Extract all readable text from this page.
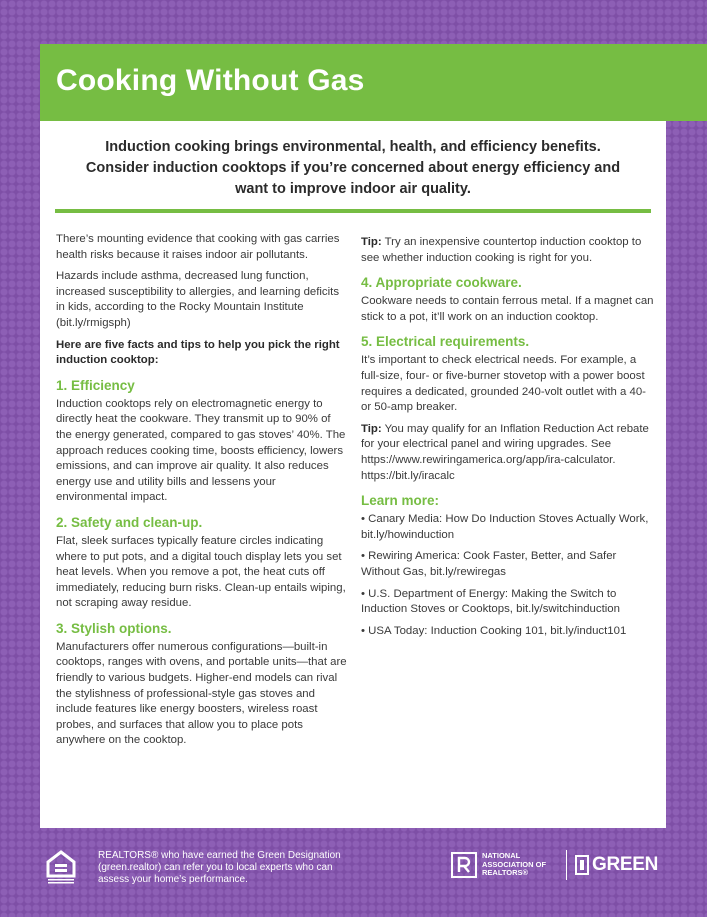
Cooking Without Gas

Induction cooking brings environmental, health, and efficiency benefits. Consider induction cooktops if you’re concerned about energy efficiency and want to improve indoor air quality.

There’s mounting evidence that cooking with gas carries health risks because it raises indoor air pollutants.

Hazards include asthma, decreased lung function, increased susceptibility to allergies, and learning deficits in kids, according to the Rocky Mountain Institute (bit.ly/rmigsph)

Here are five facts and tips to help you pick the right induction cooktop:

1. Efficiency

Induction cooktops rely on electromagnetic energy to directly heat the cookware. They transmit up to 90% of the energy generated, compared to gas stoves’ 40%. The approach reduces cooking time, boosts efficiency, lowers emissions, and can improve air quality. It also reduces energy use and utility bills and lessens your environmental impact.

2. Safety and clean-up.

Flat, sleek surfaces typically feature circles indicating where to put pots, and a digital touch display lets you set heat levels. When you remove a pot, the heat cuts off immediately, reducing burn risks. Clean-up entails wiping, not scraping away residue.

3. Stylish options.

Manufacturers offer numerous configurations—built-in cooktops, ranges with ovens, and portable units—that are friendly to various budgets. Higher-end models can rival the stylishness of professional-style gas stoves and include features like energy boosters, wireless roast probes, and surfaces that allow you to place pots anywhere on the cooktop.

Tip: Try an inexpensive countertop induction cooktop to see whether induction cooking is right for you.

4. Appropriate cookware.

Cookware needs to contain ferrous metal. If a magnet can stick to a pot, it’ll work on an induction cooktop.

5. Electrical requirements.

It’s important to check electrical needs. For example, a full-size, four- or five-burner stovetop with a power boost requires a dedicated, grounded 240-volt outlet with a 40- or 50-amp breaker.

Tip: You may qualify for an Inflation Reduction Act rebate for your electrical panel and wiring upgrades. See https://www.rewiringamerica.org/app/ira-calculator. https://bit.ly/iracalc

Learn more:
• Canary Media: How Do Induction Stoves Actually Work, bit.ly/howinduction
• Rewiring America: Cook Faster, Better, and Safer Without Gas, bit.ly/rewiregas
• U.S. Department of Energy: Making the Switch to Induction Stoves or Cooktops, bit.ly/switchinduction
• USA Today: Induction Cooking 101, bit.ly/induct101

REALTORS® who have earned the Green Designation (green.realtor) can refer you to local experts who can assess your home’s performance.

NATIONAL ASSOCIATION OF REALTORS®	GREEN
